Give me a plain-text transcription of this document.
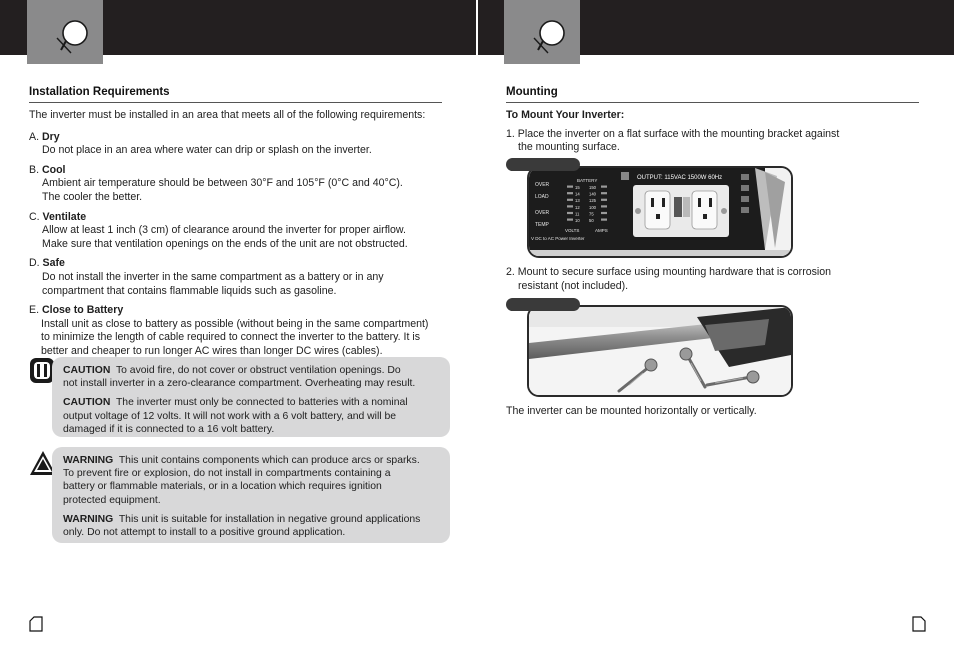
Installation Requirements

The inverter must be installed in an area that meets all of the following requirements:

A. Dry

Do not place in an area where water can drip or splash on the inverter.

B. Cool

Ambient air temperature should be between 30°F and 105°F (0°C and 40°C).

The cooler the better.

C. Ventilate

Allow at least 1 inch (3 cm) of clearance around the inverter for proper airflow.

Make sure that ventilation openings on the ends of the unit are not obstructed.

D. Safe

Do not install the inverter in the same compartment as a battery or in any

compartment that contains flammable liquids such as gasoline.

E. Close to Battery

Install unit as close to battery as possible (without being in the same compartment)

to minimize the length of cable required to connect the inverter to the battery. It is

better and cheaper to run longer AC wires than longer DC wires (cables).

CAUTION To avoid fire, do not cover or obstruct ventilation openings. Do

not install inverter in a zero-clearance compartment. Overheating may result.

CAUTION The inverter must only be connected to batteries with a nominal

output voltage of 12 volts. It will not work with a 6 volt battery, and will be

damaged if it is connected to a 16 volt battery.

WARNING This unit contains components which can produce arcs or sparks.

To prevent fire or explosion, do not install in compartments containing a

battery or flammable materials, or in a location which requires ignition

protected equipment.

WARNING This unit is suitable for installation in negative ground applications

only. Do not attempt to install to a positive ground application.

Mounting

To Mount Your Inverter:

1. Place the inverter on a flat surface with the mounting bracket against

the mounting surface.

OVER
LOAD
OVER
TEMP
BATTERY
15
14
13
12
11
10
150
140
125
100
75
50
VOLTS	AMPS
V DC to AC Power Inverter
OUTPUT: 115VAC 1500W 60Hz

2. Mount to secure surface using mounting hardware that is corrosion

resistant (not included).

The inverter can be mounted horizontally or vertically.
